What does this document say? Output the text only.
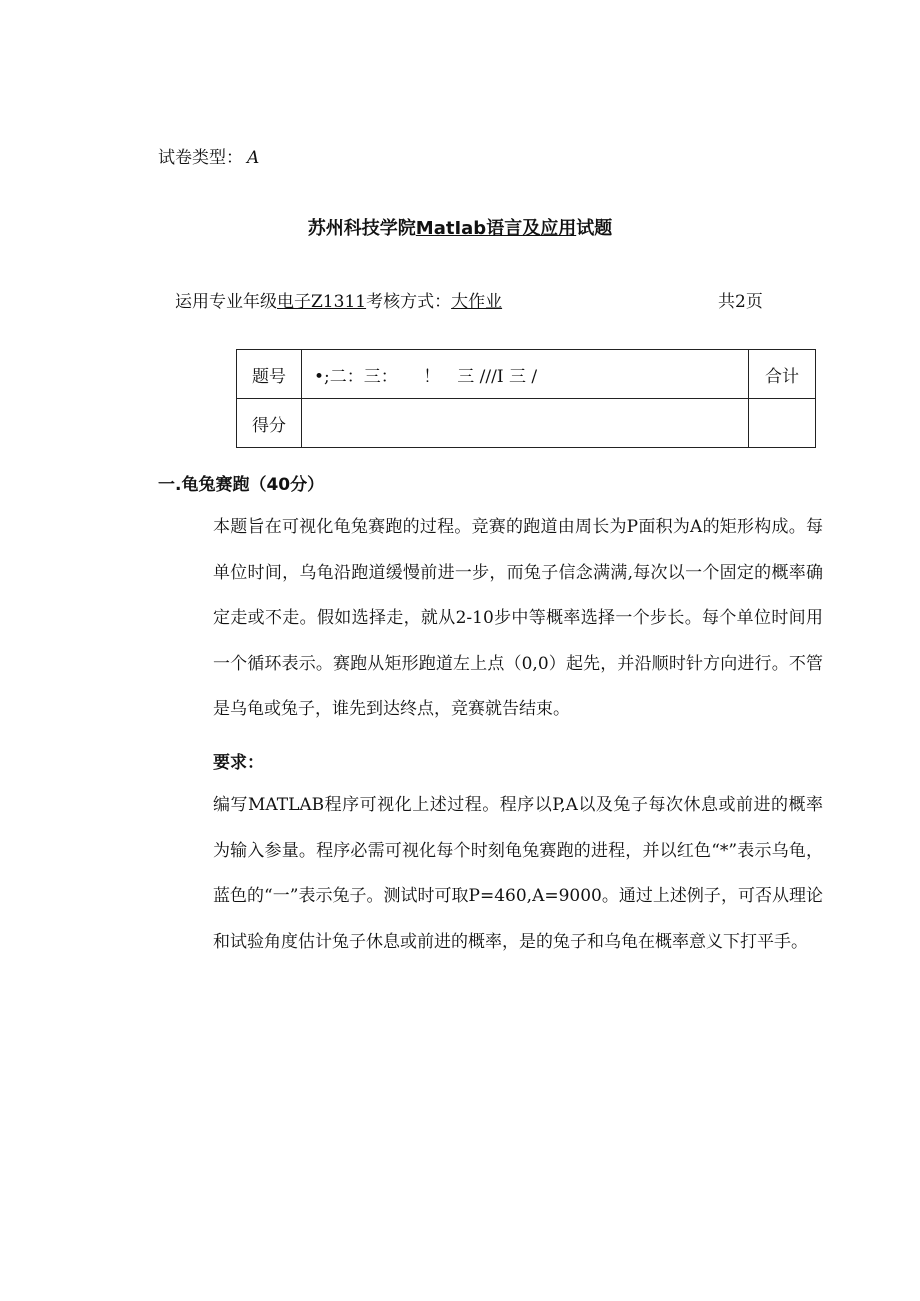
试卷类型： A
苏州科技学院MatIab语言及应用试题
运用专业年级电子Z1311考核方式：大作业	共2页
题号	•;二：三：　　！　三 ///I 三 /	合计
得分		
一.龟兔赛跑（40分）
本题旨在可视化龟兔赛跑的过程。竞赛的跑道由周长为P面积为A的矩形构成。每单位时间，乌龟沿跑道缓慢前进一步，而兔子信念满满,每次以一个固定的概率确定走或不走。假如选择走，就从2-10步中等概率选择一个步长。每个单位时间用一个循环表示。赛跑从矩形跑道左上点（0,0）起先，并沿顺时针方向进行。不管是乌龟或兔子，谁先到达终点，竞赛就告结束。
要求：
编写MATLAB程序可视化上述过程。程序以P,A以及兔子每次休息或前进的概率为输入参量。程序必需可视化每个时刻龟兔赛跑的进程，并以红色“*”表示乌龟，蓝色的“一”表示兔子。测试时可取P=460,A=9000。通过上述例子，可否从理论和试验角度估计兔子休息或前进的概率，是的兔子和乌龟在概率意义下打平手。
